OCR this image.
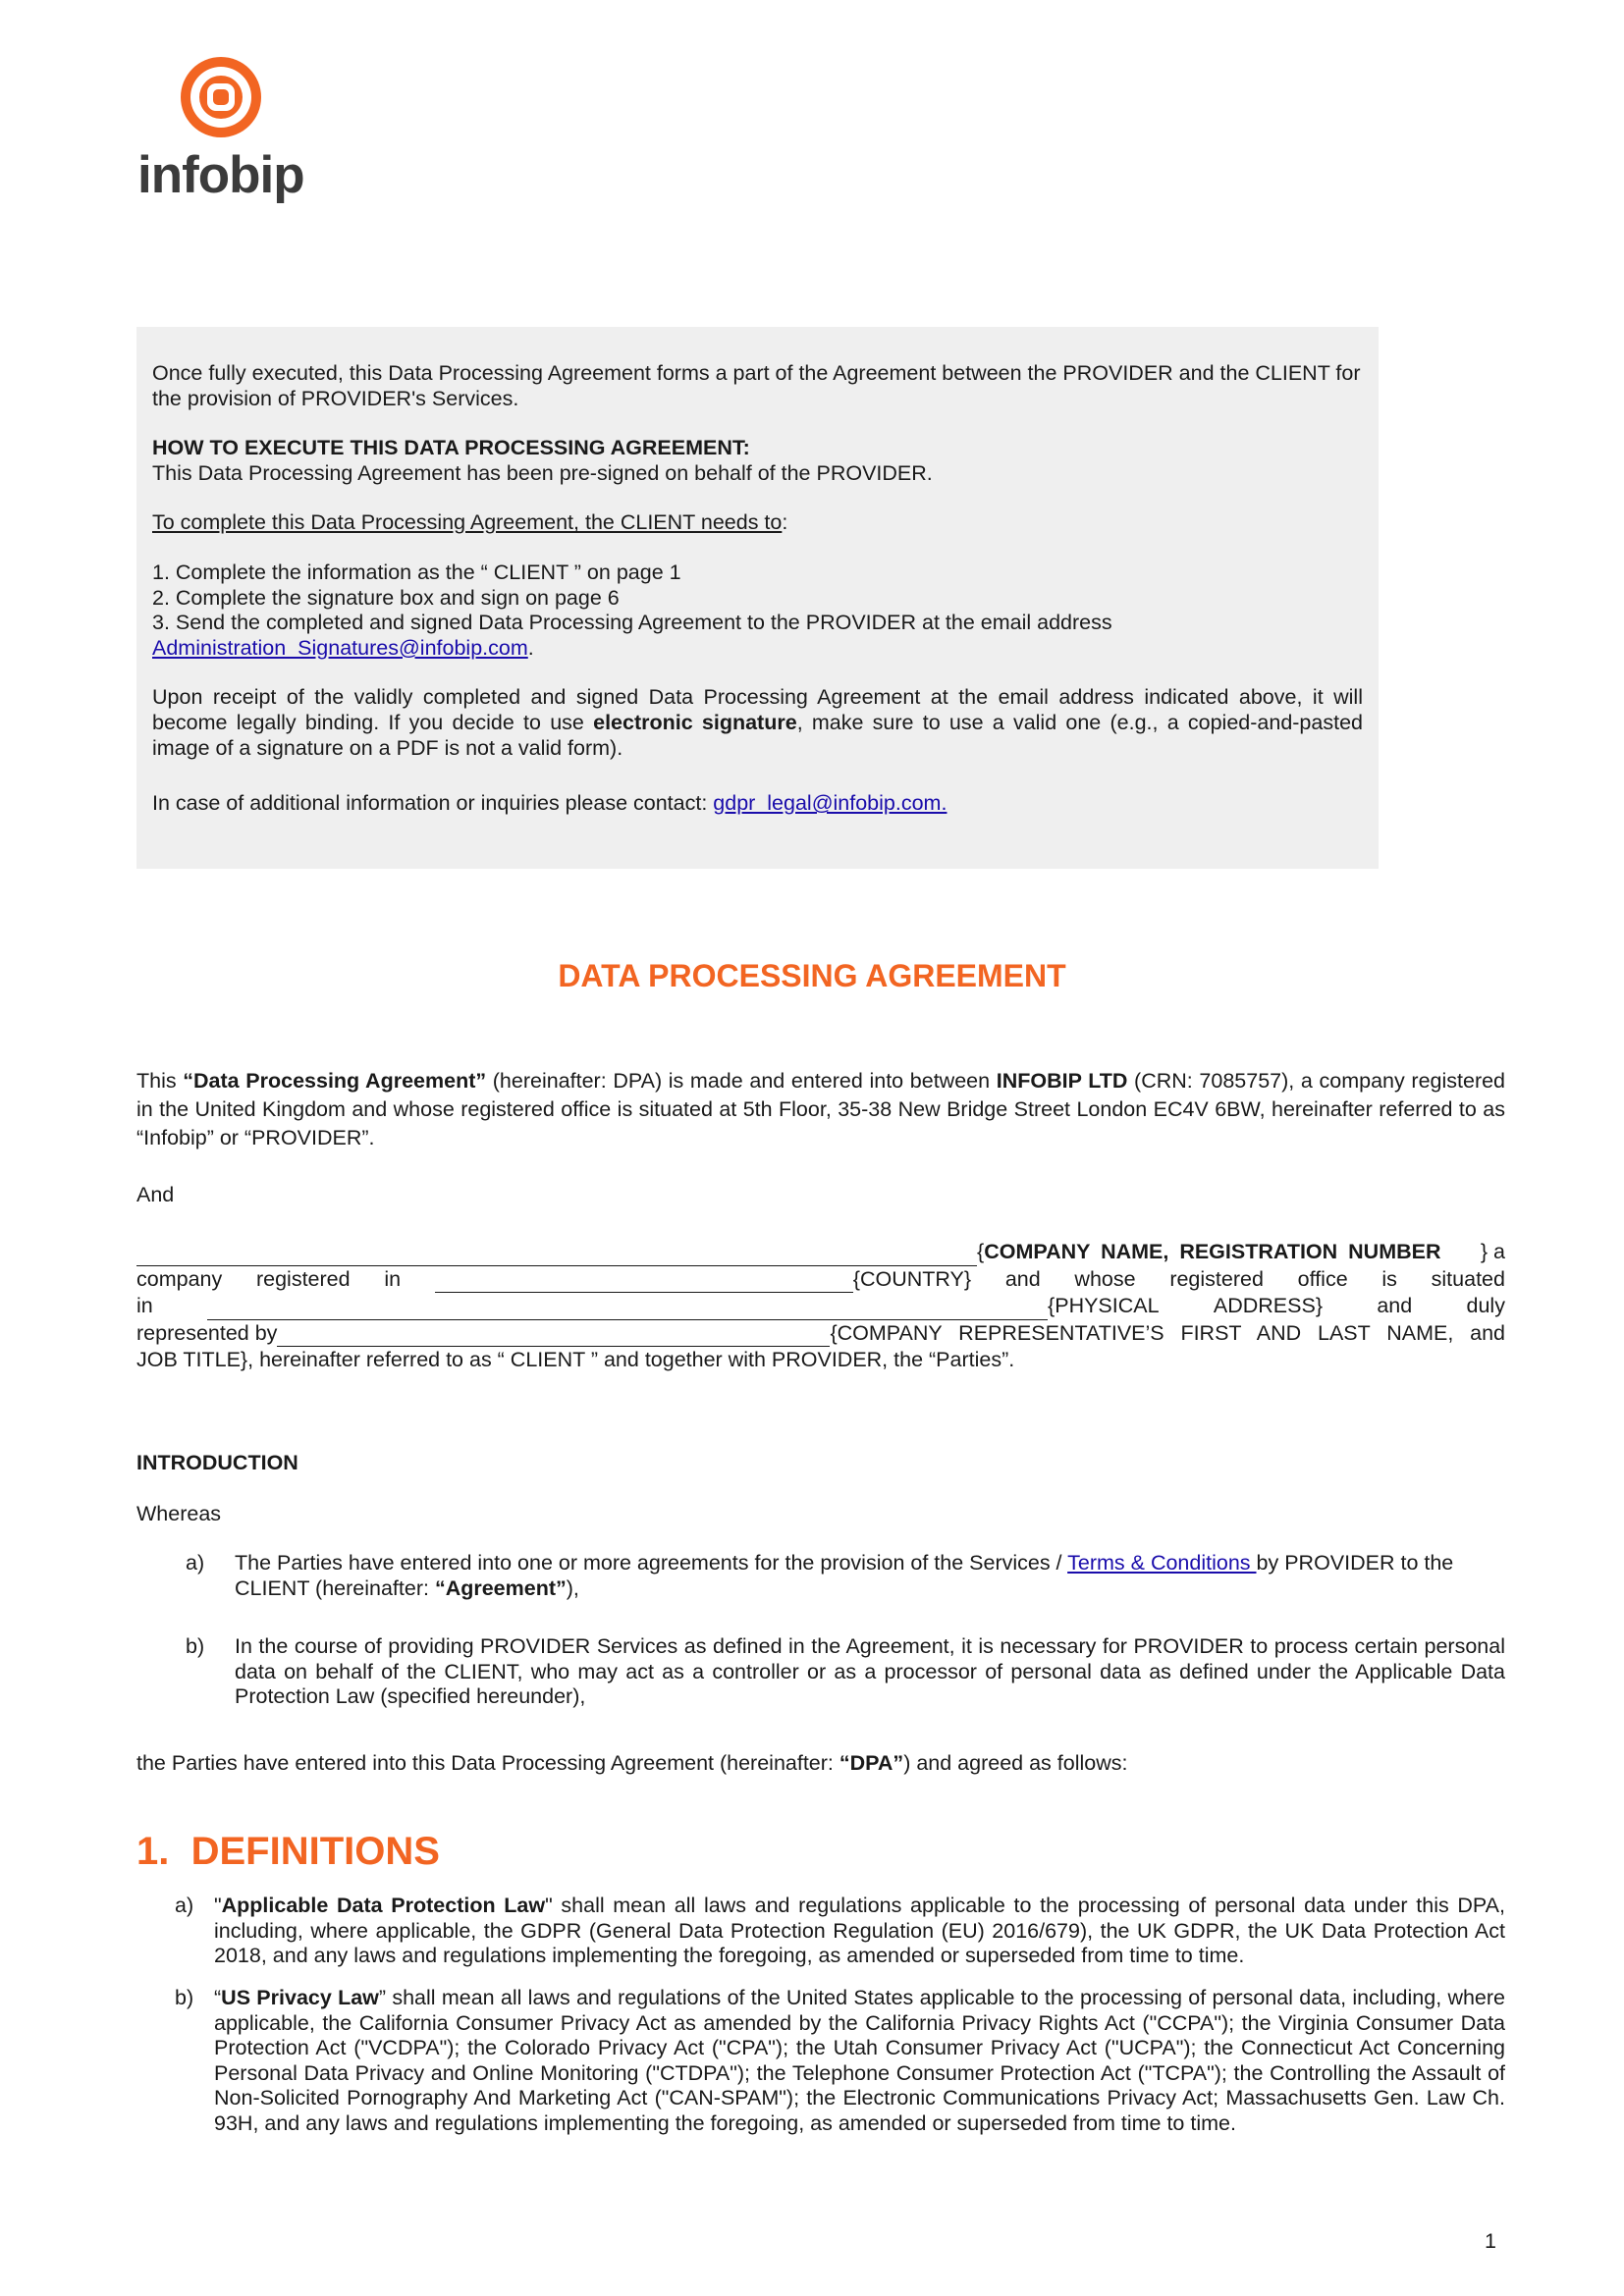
infobip

Once fully executed, this Data Processing Agreement forms a part of the Agreement between the PROVIDER and the CLIENT for the provision of PROVIDER's Services.

HOW TO EXECUTE THIS DATA PROCESSING AGREEMENT:

This Data Processing Agreement has been pre-signed on behalf of the PROVIDER.

To complete this Data Processing Agreement, the CLIENT needs to:

1. Complete the information as the “ CLIENT ” on page 1

2. Complete the signature box and sign on page 6

3. Send the completed and signed Data Processing Agreement to the PROVIDER at the email address

Administration_Signatures@infobip.com.

Upon receipt of the validly completed and signed Data Processing Agreement at the email address indicated above, it will become legally binding. If you decide to use electronic signature, make sure to use a valid one (e.g., a copied-and-pasted image of a signature on a PDF is not a valid form).

In case of additional information or inquiries please contact: gdpr_legal@infobip.com.

DATA PROCESSING AGREEMENT
This “Data Processing Agreement” (hereinafter: DPA) is made and entered into between INFOBIP LTD (CRN: 7085757), a company registered in the United Kingdom and whose registered office is situated at 5th Floor, 35-38 New Bridge Street London EC4V 6BW, hereinafter referred to as “Infobip” or “PROVIDER”.
And
{ COMPANY NAME, REGISTRATION NUMBER	} a
company registered in	{COUNTRY} and whose registered office is situated
in	{PHYSICAL	ADDRESS}	and	duly
represented by	{COMPANY REPRESENTATIVE’S FIRST AND LAST NAME, and
JOB TITLE}, hereinafter referred to as “ CLIENT ” and together with PROVIDER, the “Parties”.
INTRODUCTION
Whereas
a)	The Parties have entered into one or more agreements for the provision of the Services / Terms & Conditions by PROVIDER to the CLIENT (hereinafter: “Agreement”),
b)	In the course of providing PROVIDER Services as defined in the Agreement, it is necessary for PROVIDER to process certain personal data on behalf of the CLIENT, who may act as a controller or as a processor of personal data as defined under the Applicable Data Protection Law (specified hereunder),
the Parties have entered into this Data Processing Agreement (hereinafter: “DPA”) and agreed as follows:
1.  DEFINITIONS
a) "Applicable Data Protection Law" shall mean all laws and regulations applicable to the processing of personal data under this DPA, including, where applicable, the GDPR (General Data Protection Regulation (EU) 2016/679), the UK GDPR, the UK Data Protection Act 2018, and any laws and regulations implementing the foregoing, as amended or superseded from time to time.
b) “US Privacy Law” shall mean all laws and regulations of the United States applicable to the processing of personal data, including, where applicable, the California Consumer Privacy Act as amended by the California Privacy Rights Act ("CCPA"); the Virginia Consumer Data Protection Act ("VCDPA"); the Colorado Privacy Act ("CPA"); the Utah Consumer Privacy Act ("UCPA"); the Connecticut Act Concerning Personal Data Privacy and Online Monitoring ("CTDPA"); the Telephone Consumer Protection Act ("TCPA"); the Controlling the Assault of Non-Solicited Pornography And Marketing Act ("CAN-SPAM"); the Electronic Communications Privacy Act; Massachusetts Gen. Law Ch. 93H, and any laws and regulations implementing the foregoing, as amended or superseded from time to time.
1
